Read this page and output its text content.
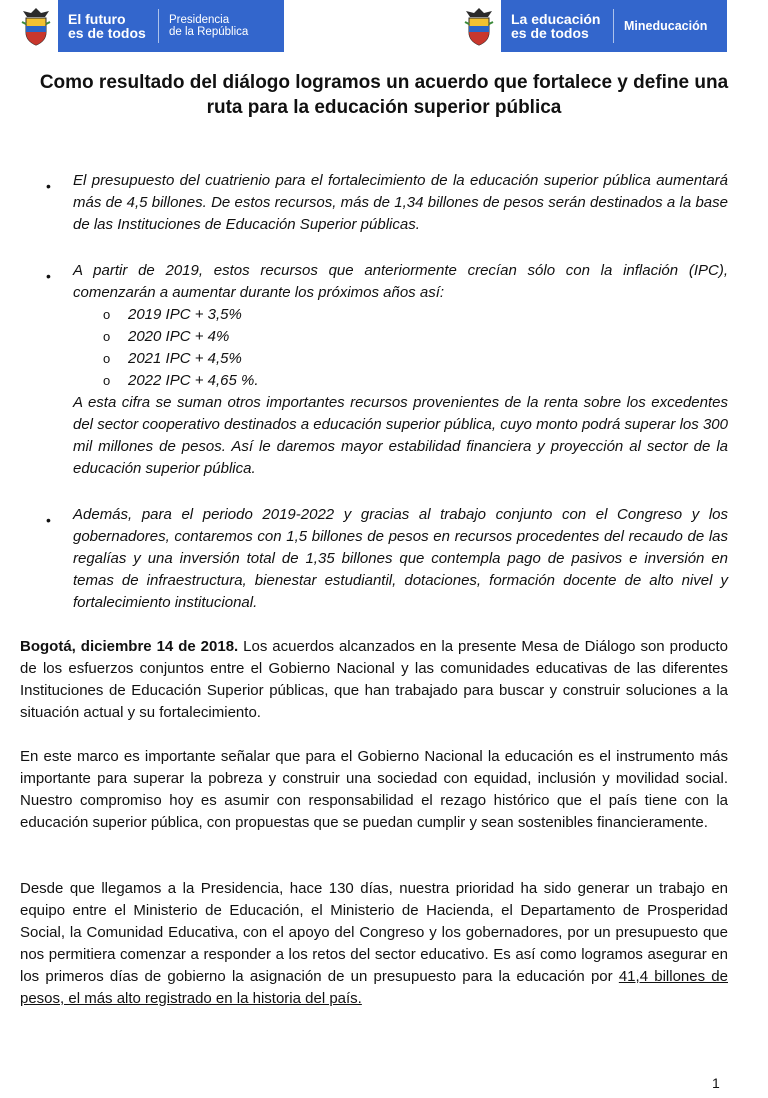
El futuro
es de todos
Presidencia
de la República
La educación
es de todos	Mineducación
Como resultado del diálogo logramos un acuerdo que fortalece y define una ruta para la educación superior pública
• El presupuesto del cuatrienio para el fortalecimiento de la educación superior pública aumentará más de 4,5 billones. De estos recursos, más de 1,34 billones de pesos serán destinados a la base de las Instituciones de Educación Superior públicas.
• A partir de 2019, estos recursos que anteriormente crecían sólo con la inflación (IPC), comenzarán a aumentar durante los próximos años así:
o 2019 IPC + 3,5%
o 2020 IPC + 4%
o 2021 IPC + 4,5%
o 2022 IPC + 4,65 %.
A esta cifra se suman otros importantes recursos provenientes de la renta sobre los excedentes del sector cooperativo destinados a educación superior pública, cuyo monto podrá superar los 300 mil millones de pesos. Así le daremos mayor estabilidad financiera y proyección al sector de la educación superior pública.
• Además, para el periodo 2019-2022 y gracias al trabajo conjunto con el Congreso y los gobernadores, contaremos con 1,5 billones de pesos en recursos procedentes del recaudo de las regalías y una inversión total de 1,35 billones que contempla pago de pasivos e inversión en temas de infraestructura, bienestar estudiantil, dotaciones, formación docente de alto nivel y fortalecimiento institucional.
Bogotá, diciembre 14 de 2018. Los acuerdos alcanzados en la presente Mesa de Diálogo son producto de los esfuerzos conjuntos entre el Gobierno Nacional y las comunidades educativas de las diferentes Instituciones de Educación Superior públicas, que han trabajado para buscar y construir soluciones a la situación actual y su fortalecimiento.
En este marco es importante señalar que para el Gobierno Nacional la educación es el instrumento más importante para superar la pobreza y construir una sociedad con equidad, inclusión y movilidad social. Nuestro compromiso hoy es asumir con responsabilidad el rezago histórico que el país tiene con la educación superior pública, con propuestas que se puedan cumplir y sean sostenibles financieramente.
Desde que llegamos a la Presidencia, hace 130 días, nuestra prioridad ha sido generar un trabajo en equipo entre el Ministerio de Educación, el Ministerio de Hacienda, el Departamento de Prosperidad Social, la Comunidad Educativa, con el apoyo del Congreso y los gobernadores, por un presupuesto que nos permitiera comenzar a responder a los retos del sector educativo. Es así como logramos asegurar en los primeros días de gobierno la asignación de un presupuesto para la educación por 41,4 billones de pesos, el más alto registrado en la historia del país.
1
